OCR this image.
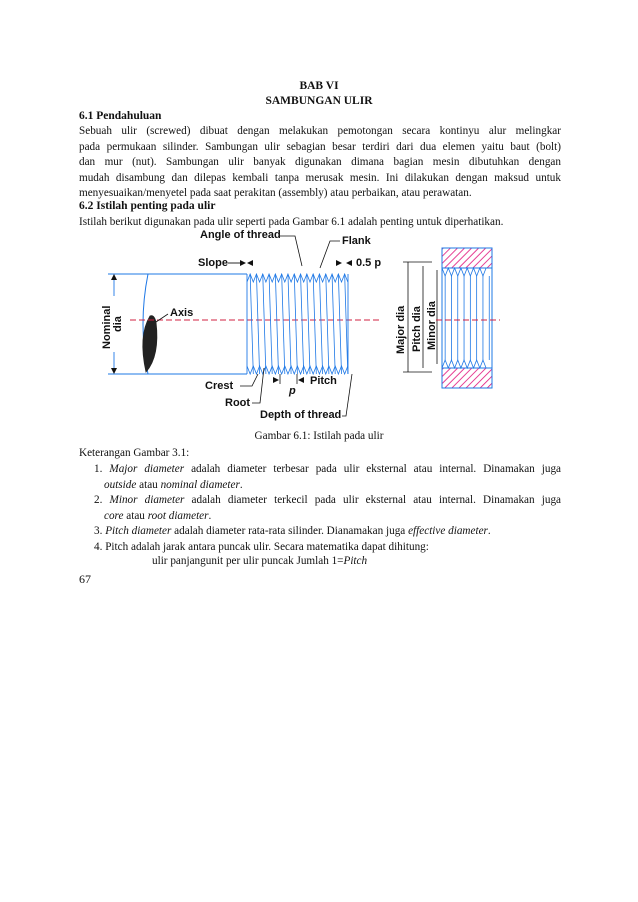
BAB VI
SAMBUNGAN ULIR
6.1 Pendahuluan
Sebuah ulir (screwed) dibuat dengan melakukan pemotongan secara kontinyu alur melingkar
pada permukaan silinder. Sambungan ulir sebagian besar terdiri dari dua elemen yaitu baut (bolt)
dan mur (nut). Sambungan ulir banyak digunakan dimana bagian mesin dibutuhkan dengan
mudah disambung dan dilepas kembali tanpa merusak mesin. Ini dilakukan dengan maksud untuk
menyesuaikan/menyetel pada saat perakitan (assembly) atau perbaikan, atau perawatan.
6.2 Istilah penting pada ulir
Istilah berikut digunakan pada ulir seperti pada Gambar 6.1 adalah penting untuk diperhatikan.
Nominal dia
Axis
Angle of thread	Flank
Slope	0.5 p
Crest
Root
p
Pitch
Depth of thread
Major dia Pitch dia Minor dia
Gambar 6.1: Istilah pada ulir
Keterangan Gambar 3.1:
1. Major diameter adalah diameter terbesar pada ulir eksternal atau internal. Dinamakan juga
outside atau nominal diameter.
2. Minor diameter adalah diameter terkecil pada ulir eksternal atau internal. Dinamakan juga
core atau root diameter.
3. Pitch diameter adalah diameter rata-rata silinder. Dianamakan juga effective diameter.
4. Pitch adalah jarak antara puncak ulir. Secara matematika dapat dihitung:
ulir panjangunit per ulir puncak Jumlah 1=Pitch
67
